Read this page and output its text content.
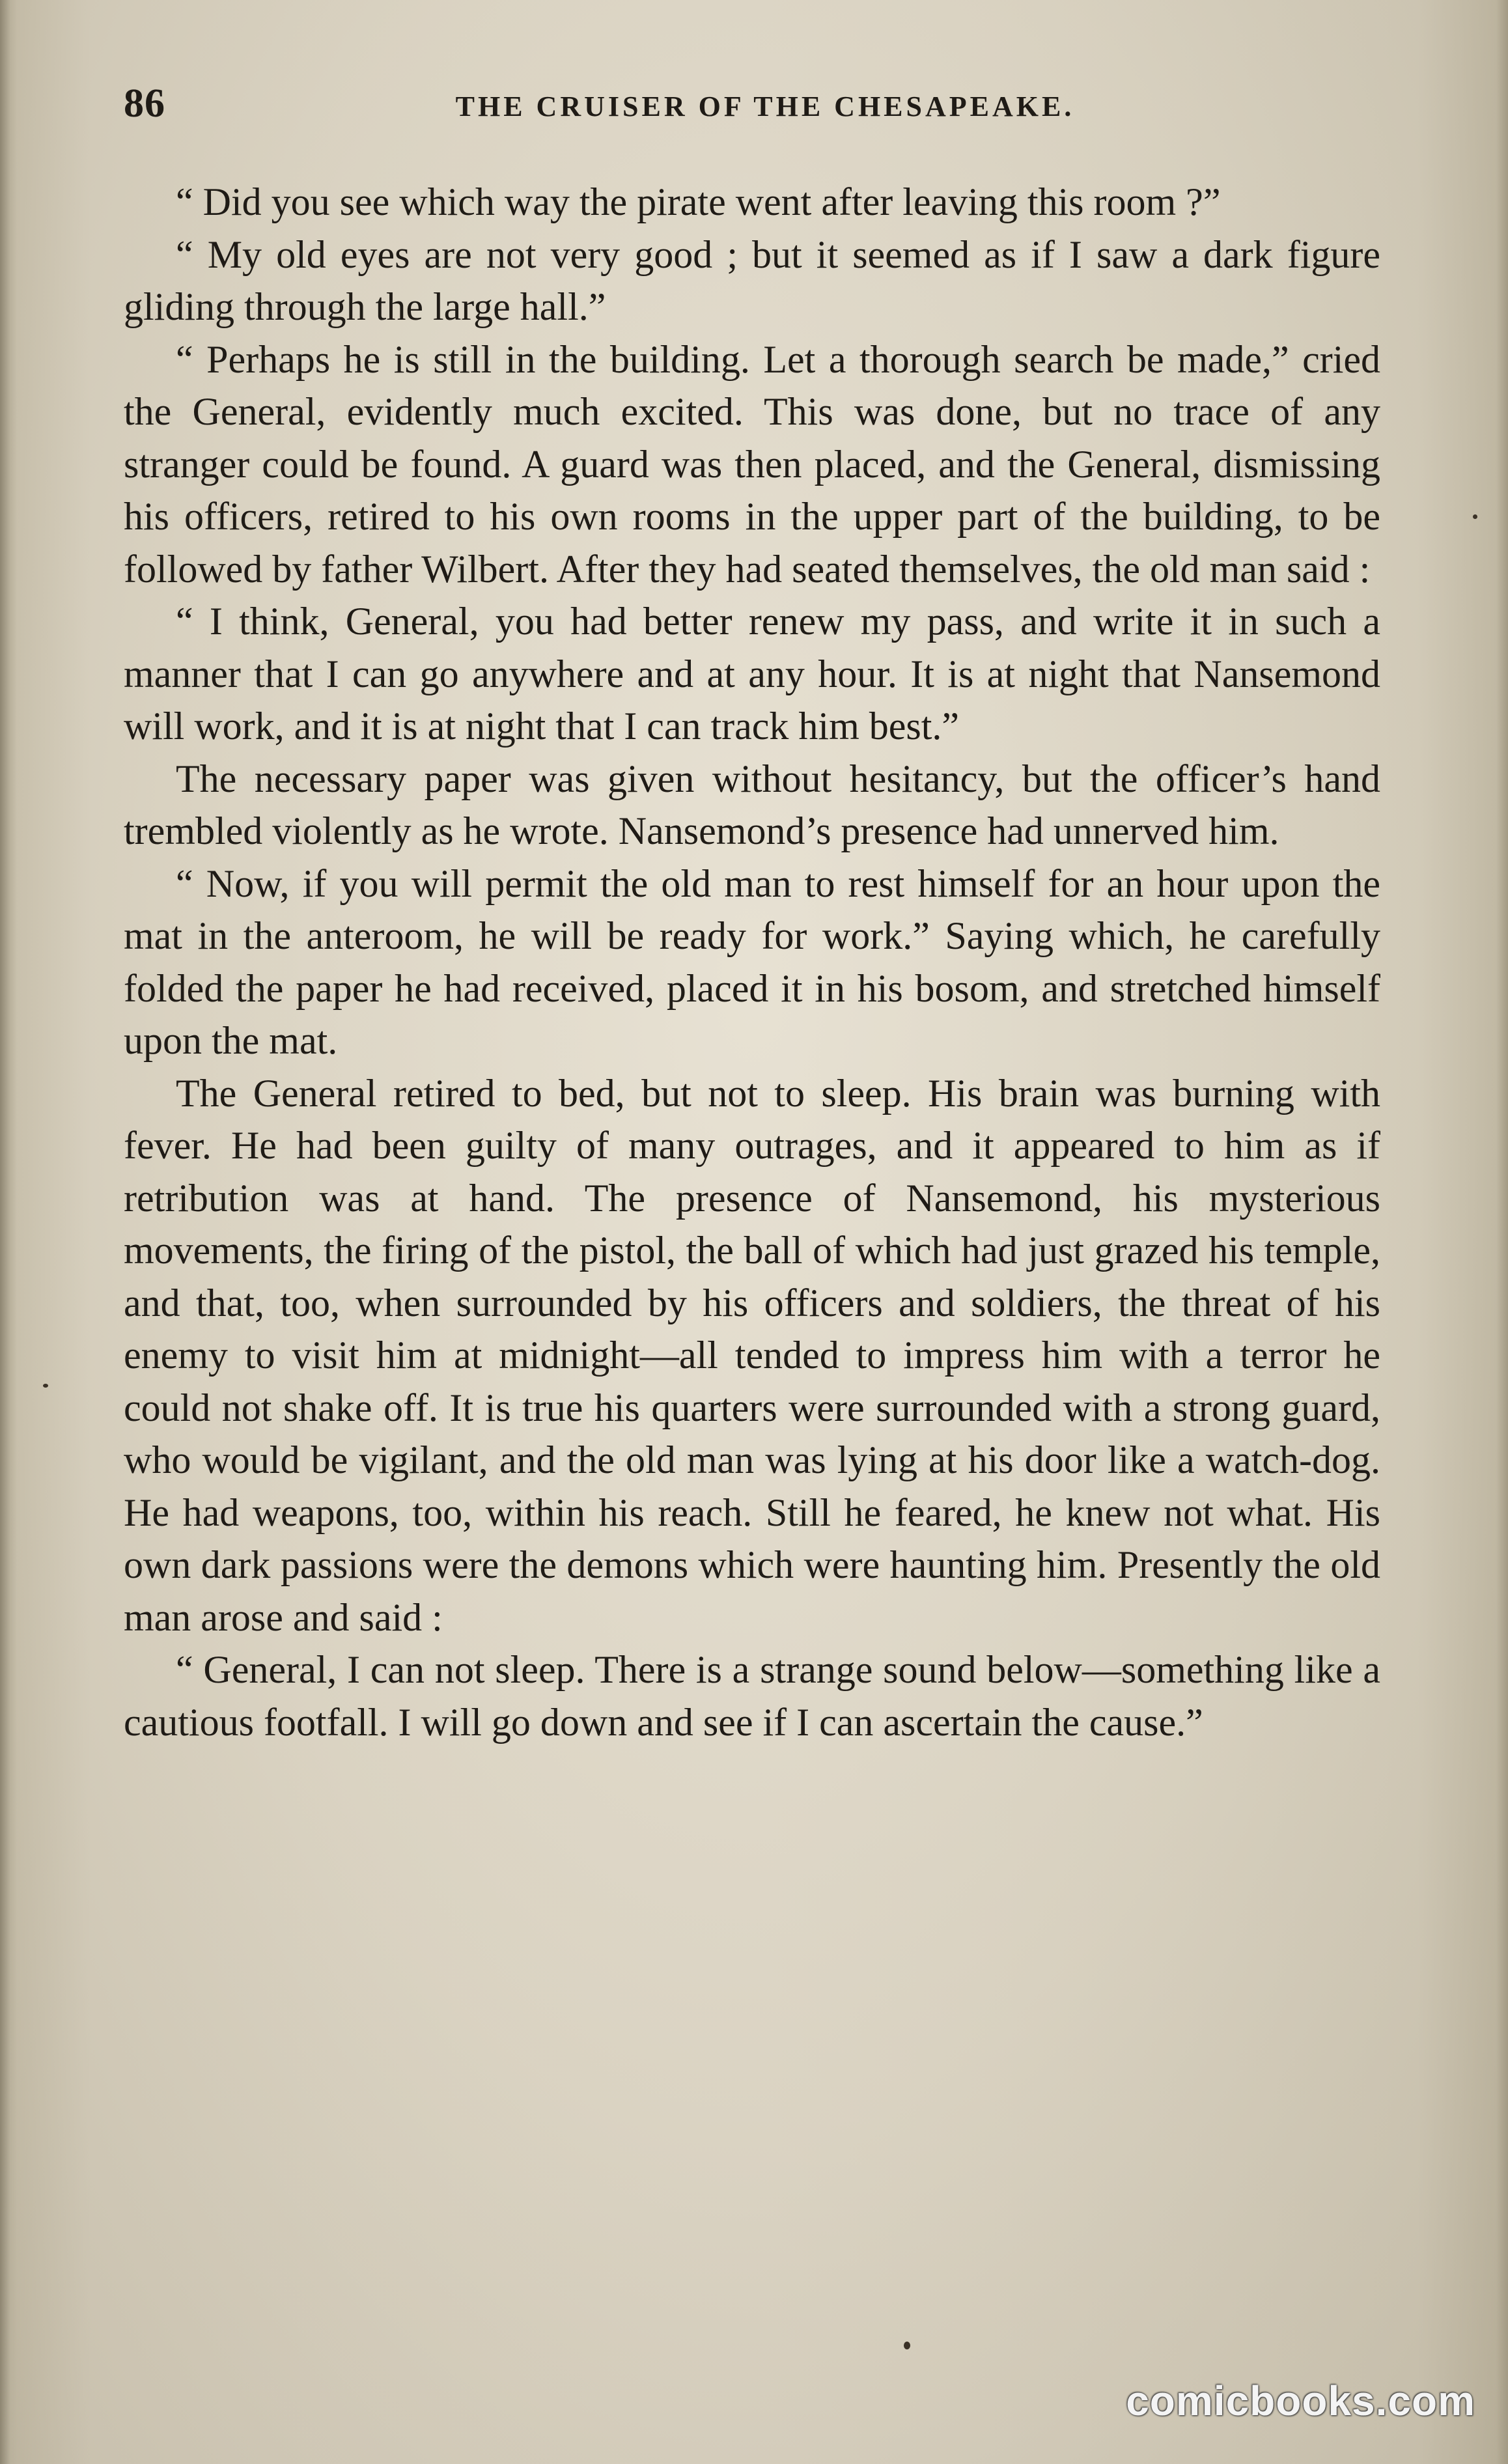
86	THE CRUISER OF THE CHESAPEAKE.

“ Did you see which way the pirate went after leaving this room ?”

“ My old eyes are not very good ; but it seemed as if I saw a dark figure gliding through the large hall.”

“ Perhaps he is still in the building. Let a thorough search be made,” cried the General, evidently much excited. This was done, but no trace of any stranger could be found. A guard was then placed, and the General, dismissing his officers, retired to his own rooms in the upper part of the building, to be followed by father Wilbert. After they had seated themselves, the old man said :

“ I think, General, you had better renew my pass, and write it in such a manner that I can go anywhere and at any hour. It is at night that Nansemond will work, and it is at night that I can track him best.”

The necessary paper was given without hesitancy, but the officer’s hand trembled violently as he wrote. Nansemond’s presence had unnerved him.

“ Now, if you will permit the old man to rest himself for an hour upon the mat in the anteroom, he will be ready for work.” Saying which, he carefully folded the paper he had received, placed it in his bosom, and stretched himself upon the mat.

The General retired to bed, but not to sleep. His brain was burning with fever. He had been guilty of many outrages, and it appeared to him as if retribution was at hand. The presence of Nansemond, his mysterious movements, the firing of the pistol, the ball of which had just grazed his temple, and that, too, when surrounded by his officers and soldiers, the threat of his enemy to visit him at midnight—all tended to impress him with a terror he could not shake off. It is true his quarters were surrounded with a strong guard, who would be vigilant, and the old man was lying at his door like a watch-dog. He had weapons, too, within his reach. Still he feared, he knew not what. His own dark passions were the demons which were haunting him. Presently the old man arose and said :

“ General, I can not sleep. There is a strange sound below—something like a cautious footfall. I will go down and see if I can ascertain the cause.”

comicbooks.com
